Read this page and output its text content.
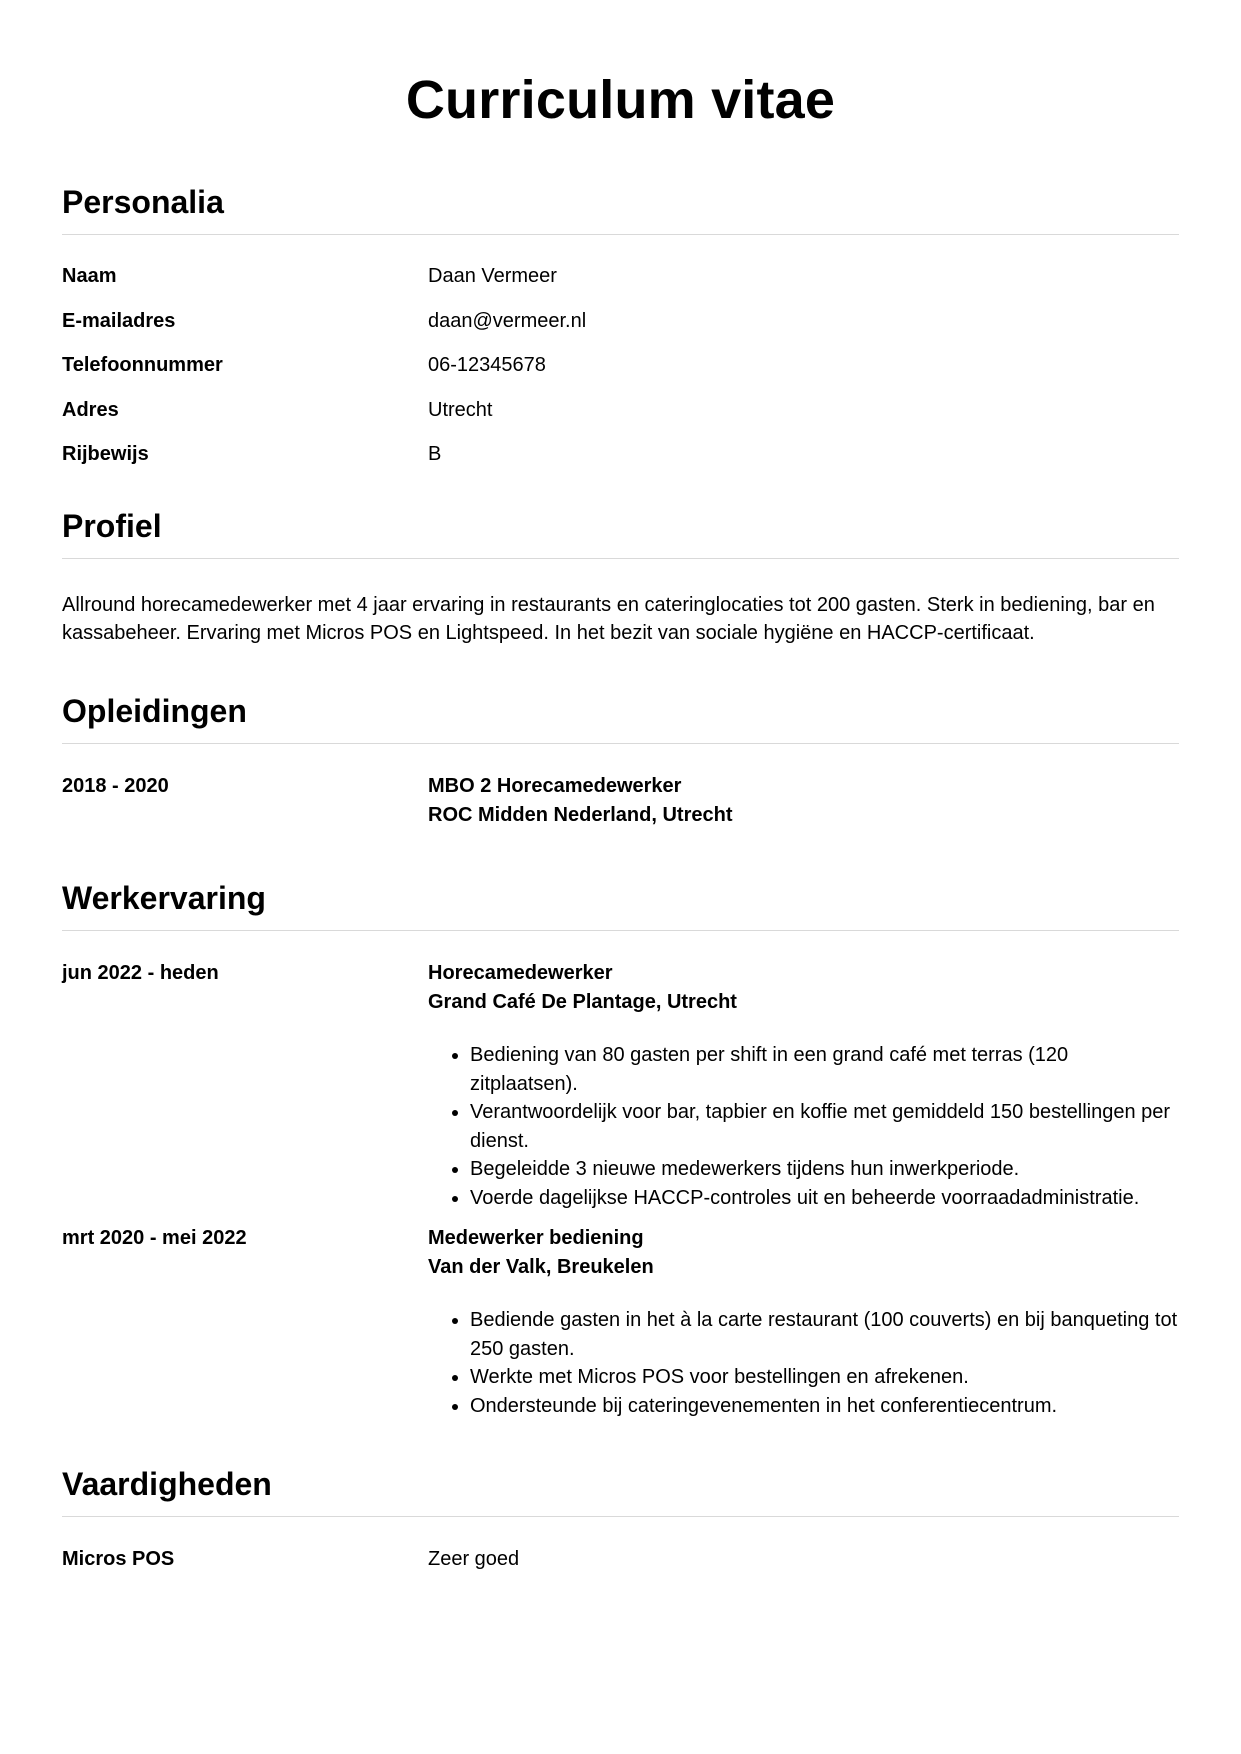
Curriculum vitae
Personalia
Naam	Daan Vermeer
E-mailadres	daan@vermeer.nl
Telefoonnummer	06-12345678
Adres	Utrecht
Rijbewijs	B
Profiel

Allround horecamedewerker met 4 jaar ervaring in restaurants en cateringlocaties tot 200 gasten. Sterk in bediening, bar en kassabeheer. Ervaring met Micros POS en Lightspeed. In het bezit van sociale hygiëne en HACCP-certificaat.

Opleidingen
2018 - 2020	MBO 2 Horecamedewerker
ROC Midden Nederland, Utrecht
Werkervaring
jun 2022 - heden	Horecamedewerker
Grand Café De Plantage, Utrecht
• Bediening van 80 gasten per shift in een grand café met terras (120 zitplaatsen).
• Verantwoordelijk voor bar, tapbier en koffie met gemiddeld 150 bestellingen per dienst.
• Begeleidde 3 nieuwe medewerkers tijdens hun inwerkperiode.
• Voerde dagelijkse HACCP-controles uit en beheerde voorraadadministratie.
mrt 2020 - mei 2022	Medewerker bediening
Van der Valk, Breukelen
• Bediende gasten in het à la carte restaurant (100 couverts) en bij banqueting tot 250 gasten.
• Werkte met Micros POS voor bestellingen en afrekenen.
• Ondersteunde bij cateringevenementen in het conferentiecentrum.
Vaardigheden
Micros POS	Zeer goed
